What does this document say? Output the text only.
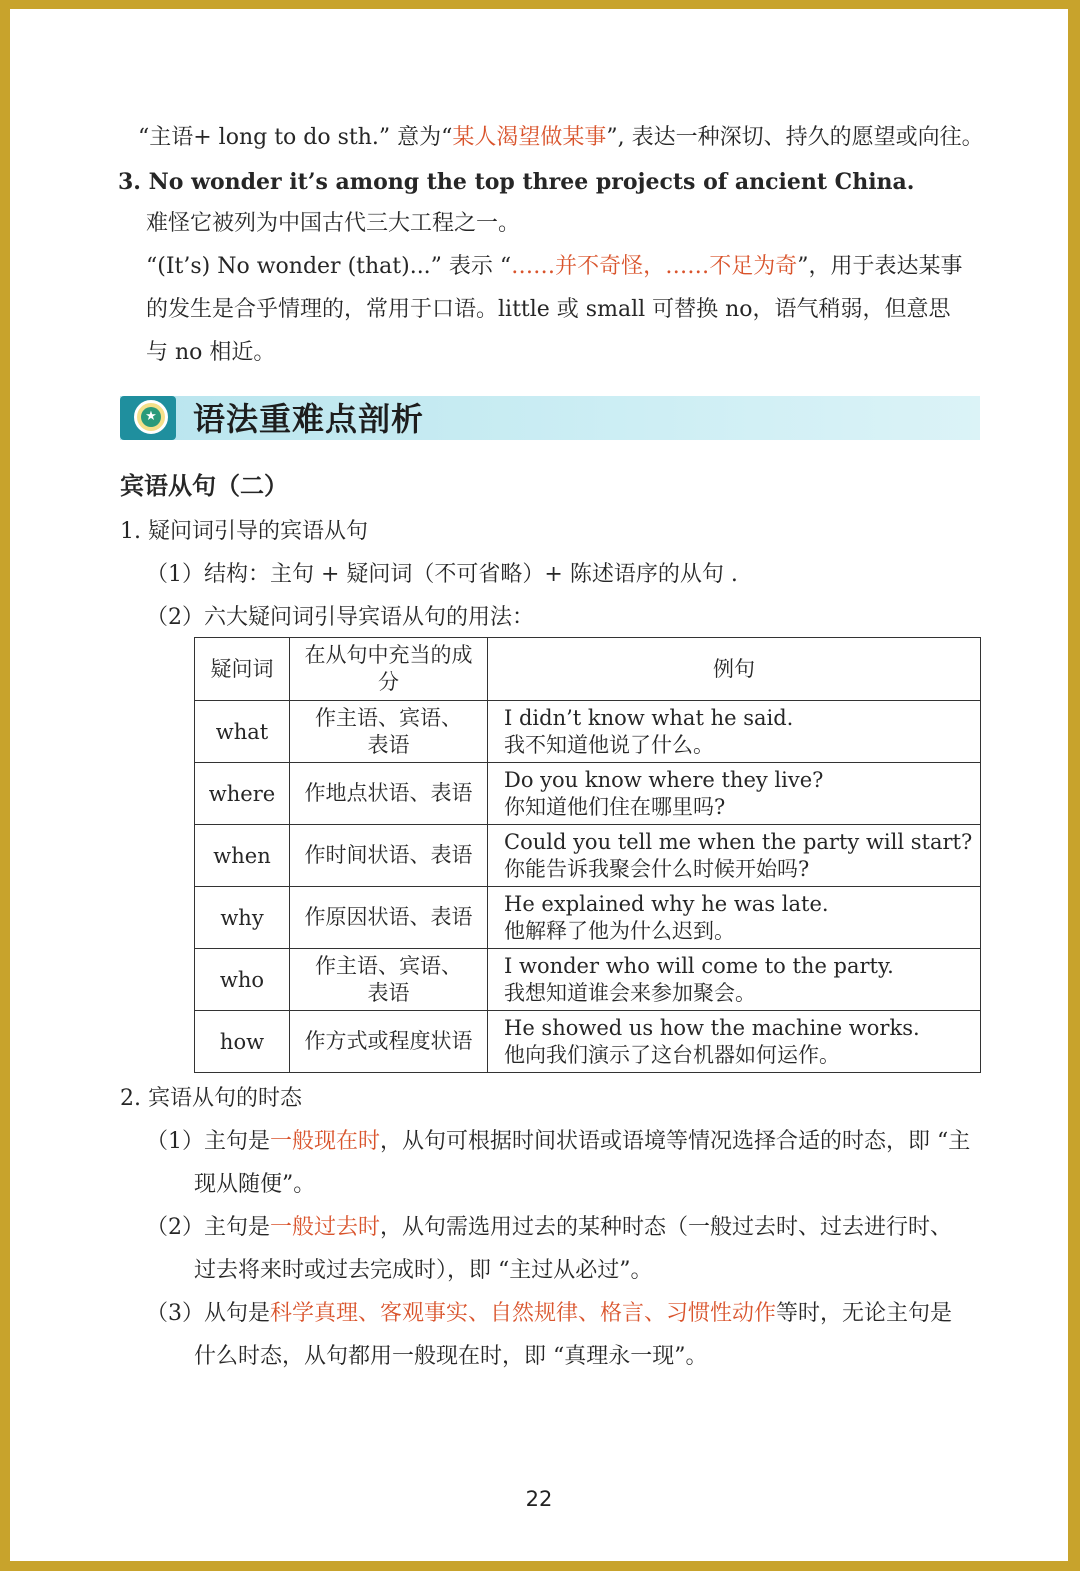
“主语+ long to do sth.” 意为“某人渴望做某事”, 表达一种深切、持久的愿望或向往。
3. No wonder it’s among the top three projects of ancient China.
难怪它被列为中国古代三大工程之一。
“(It’s) No wonder (that)...” 表示 “……并不奇怪，……不足为奇”，用于表达某事
的发生是合乎情理的，常用于口语。little 或 small 可替换 no，语气稍弱，但意思
与 no 相近。
★ 语法重难点剖析
宾语从句（二）
1. 疑问词引导的宾语从句
（1）结构：主句 + 疑问词（不可省略）+ 陈述语序的从句 .
（2）六大疑问词引导宾语从句的用法：
疑问词	在从句中充当的成分	例句
what	作主语、宾语、表语	I didn’t know what he said.
我不知道他说了什么。

where	作地点状语、表语	Do you know where they live?
你知道他们住在哪里吗?

when	作时间状语、表语	Could you tell me when the party will start?
你能告诉我聚会什么时候开始吗?

why	作原因状语、表语	He explained why he was late.
他解释了他为什么迟到。

who	作主语、宾语、表语	I wonder who will come to the party.
我想知道谁会来参加聚会。

how	作方式或程度状语	He showed us how the machine works.
他向我们演示了这台机器如何运作。
2. 宾语从句的时态
（1）主句是一般现在时，从句可根据时间状语或语境等情况选择合适的时态，即 “主
现从随便”。
（2）主句是一般过去时，从句需选用过去的某种时态（一般过去时、过去进行时、
过去将来时或过去完成时），即 “主过从必过”。
（3）从句是科学真理、客观事实、自然规律、格言、习惯性动作等时，无论主句是
什么时态，从句都用一般现在时，即 “真理永一现”。
22
